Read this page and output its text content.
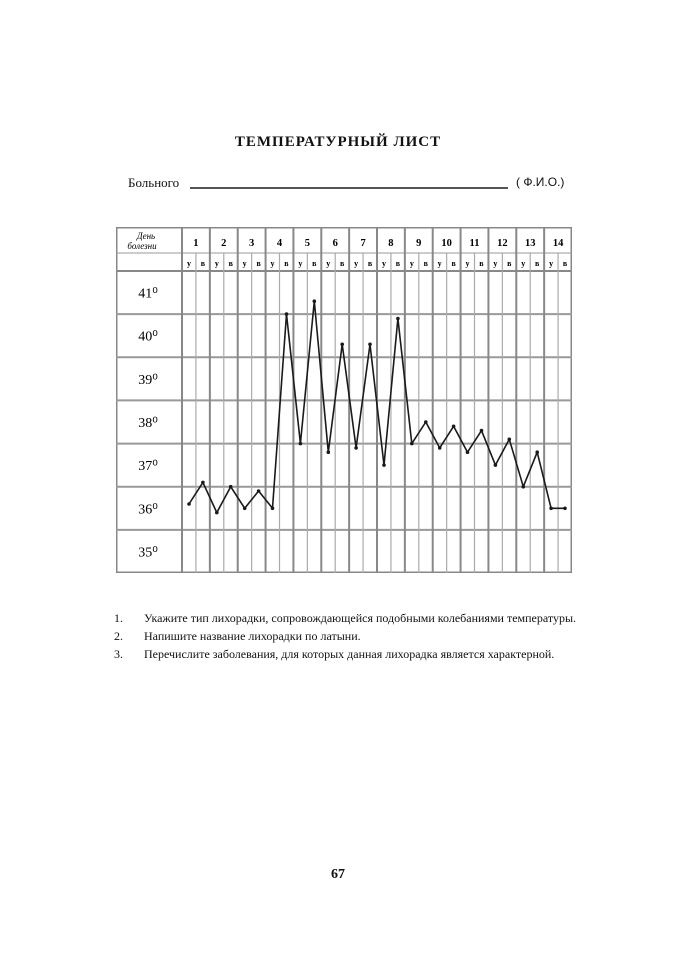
ТЕМПЕРАТУРНЫЙ ЛИСТ
Больного	( Ф.И.О.)
День
болезни	1 2 3 4 5 6 7 8 9 10 11 12 13 14
у в у в у в у в у в у в у в у в у в у в у в у в у в у в
41⁰
40⁰
39⁰
38⁰
37⁰
36⁰
35⁰
1. Укажите тип лихорадки, сопровождающейся подобными колебаниями температуры.
2. Напишите название лихорадки по латыни.
3. Перечислите заболевания, для которых данная лихорадка является характерной.
67
